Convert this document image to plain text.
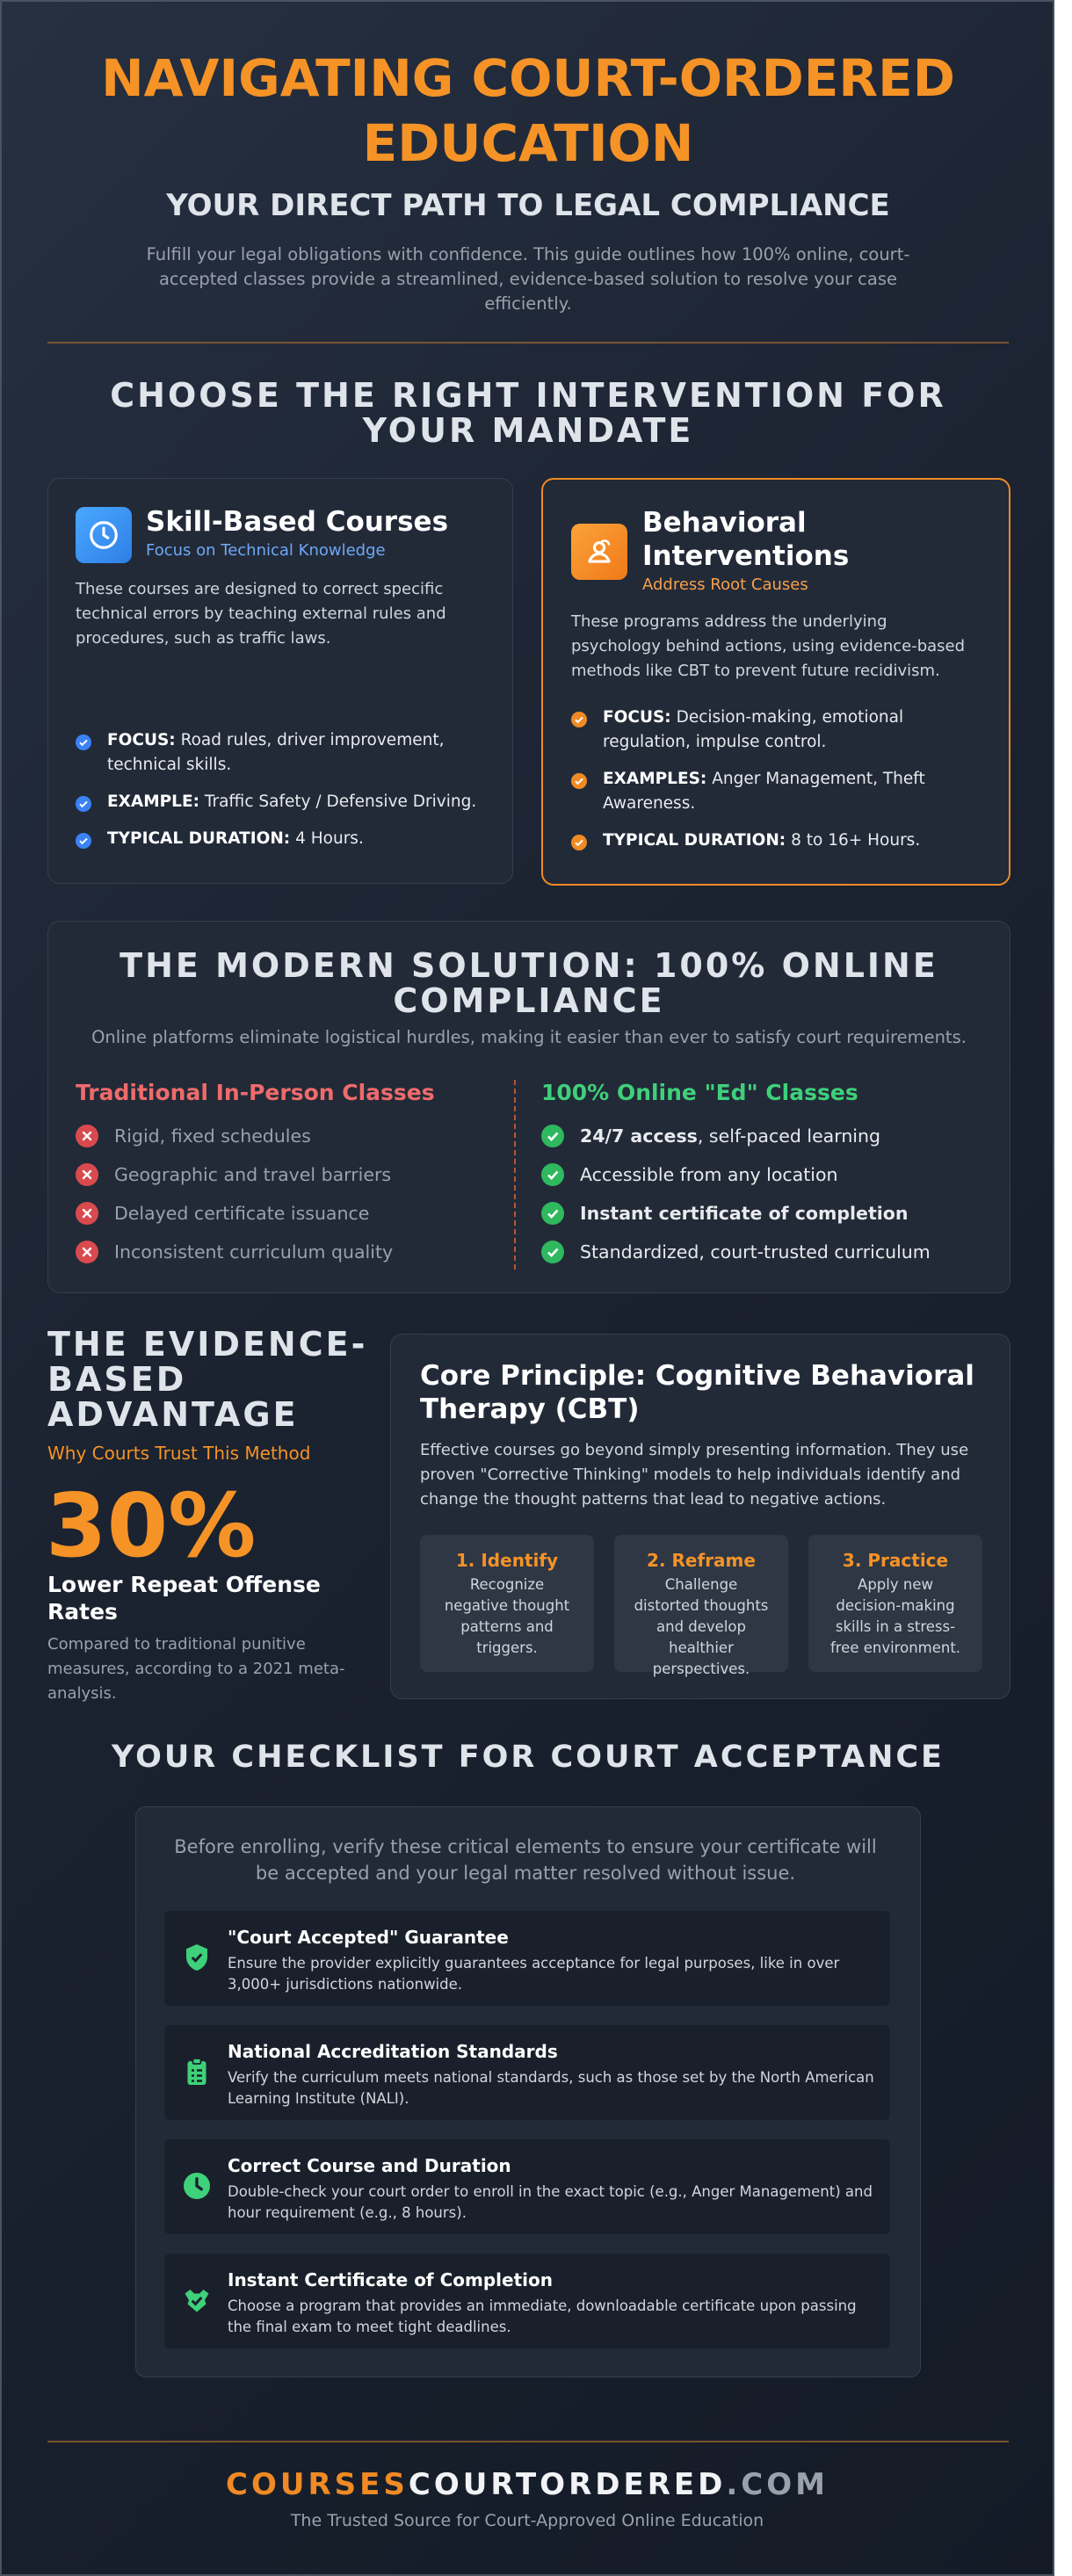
NAVIGATING COURT-ORDERED EDUCATION
YOUR DIRECT PATH TO LEGAL COMPLIANCE

Fulfill your legal obligations with confidence. This guide outlines how 100% online, court-accepted classes provide a streamlined, evidence-based solution to resolve your case efficiently.

CHOOSE THE RIGHT INTERVENTION FOR YOUR MANDATE
Skill-Based Courses
Focus on Technical Knowledge
These courses are designed to correct specific technical errors by teaching external rules and procedures, such as traffic laws.
FOCUS: Road rules, driver improvement, technical skills.
EXAMPLE: Traffic Safety / Defensive Driving.
TYPICAL DURATION: 4 Hours.
Behavioral Interventions
Address Root Causes
These programs address the underlying psychology behind actions, using evidence-based methods like CBT to prevent future recidivism.
FOCUS: Decision-making, emotional regulation, impulse control.
EXAMPLES: Anger Management, Theft Awareness.
TYPICAL DURATION: 8 to 16+ Hours.
THE MODERN SOLUTION: 100% ONLINE COMPLIANCE
Online platforms eliminate logistical hurdles, making it easier than ever to satisfy court requirements.
Traditional In-Person Classes
Rigid, fixed schedules
Geographic and travel barriers
Delayed certificate issuance
Inconsistent curriculum quality
100% Online "Ed" Classes
24/7 access, self-paced learning
Accessible from any location
Instant certificate of completion
Standardized, court-trusted curriculum
THE EVIDENCE-BASED ADVANTAGE
Why Courts Trust This Method
30%
Lower Repeat Offense Rates
Compared to traditional punitive measures, according to a 2021 meta-analysis.
Core Principle: Cognitive Behavioral Therapy (CBT)
Effective courses go beyond simply presenting information. They use proven "Corrective Thinking" models to help individuals identify and change the thought patterns that lead to negative actions.
1. Identify
Recognize negative thought patterns and triggers.
2. Reframe
Challenge distorted thoughts and develop healthier perspectives.
3. Practice
Apply new decision-making skills in a stress-free environment.
YOUR CHECKLIST FOR COURT ACCEPTANCE
Before enrolling, verify these critical elements to ensure your certificate will be accepted and your legal matter resolved without issue.
"Court Accepted" Guarantee
Ensure the provider explicitly guarantees acceptance for legal purposes, like in over 3,000+ jurisdictions nationwide.
National Accreditation Standards
Verify the curriculum meets national standards, such as those set by the North American Learning Institute (NALI).
Correct Course and Duration
Double-check your court order to enroll in the exact topic (e.g., Anger Management) and hour requirement (e.g., 8 hours).
Instant Certificate of Completion
Choose a program that provides an immediate, downloadable certificate upon passing the final exam to meet tight deadlines.
COURSESCOURTORDERED.COM
The Trusted Source for Court-Approved Online Education
